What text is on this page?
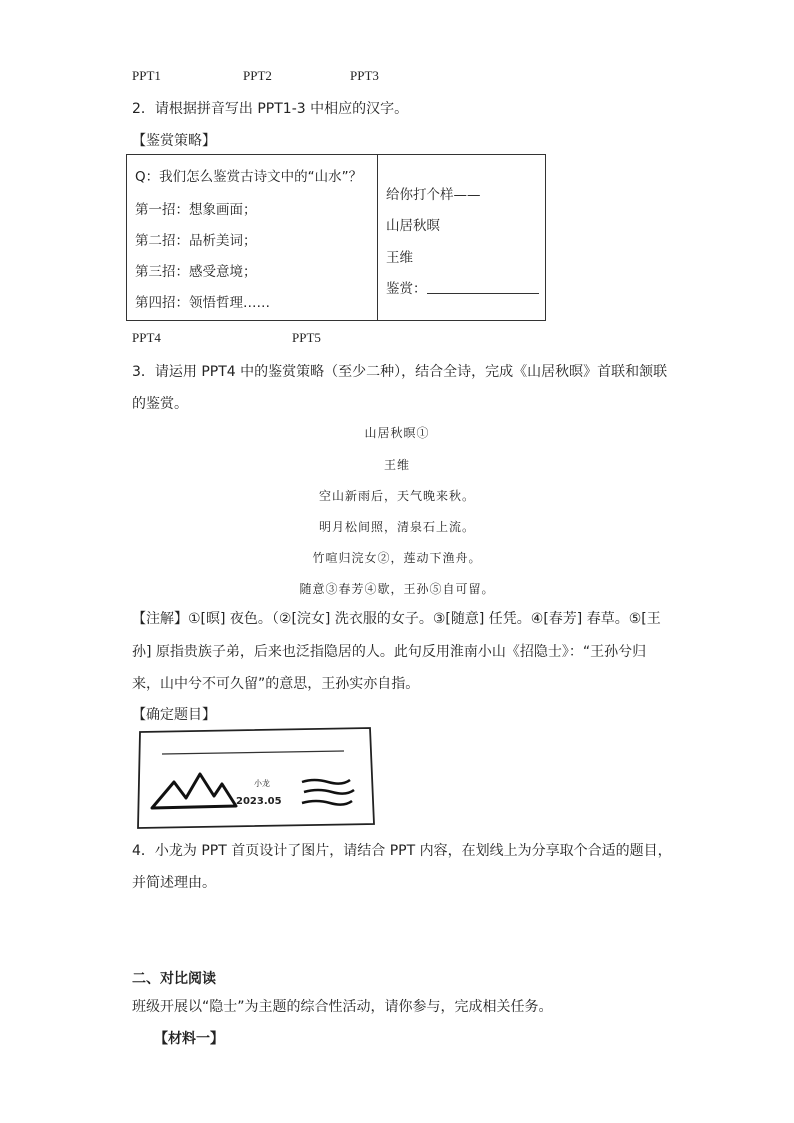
PPT1	PPT2	PPT3
2．请根据拼音写出 PPT1-3 中相应的汉字。
【鉴赏策略】
Q：我们怎么鉴赏古诗文中的“山水”？
第一招：想象画面；
第二招：品析美词；
第三招：感受意境；
第四招：领悟哲理……
给你打个样——
山居秋暝
王维
鉴赏：
PPT4	PPT5
3．请运用 PPT4 中的鉴赏策略（至少二种），结合全诗，完成《山居秋暝》首联和颔联
的鉴赏。
山居秋暝①
王维
空山新雨后，天气晚来秋。
明月松间照，清泉石上流。
竹喧归浣女②，莲动下渔舟。
随意③春芳④歇，王孙⑤自可留。
【注解】①[暝] 夜色。（②[浣女] 洗衣服的女子。③[随意] 任凭。④[春芳] 春草。⑤[王
孙] 原指贵族子弟，后来也泛指隐居的人。此句反用淮南小山《招隐士》：“王孙兮归
来，山中兮不可久留”的意思，王孙实亦自指。
【确定题目】
小龙
2023.05
4．小龙为 PPT 首页设计了图片，请结合 PPT 内容，在划线上为分享取个合适的题目，
并简述理由。
二、对比阅读
班级开展以“隐士”为主题的综合性活动，请你参与，完成相关任务。
【材料一】
